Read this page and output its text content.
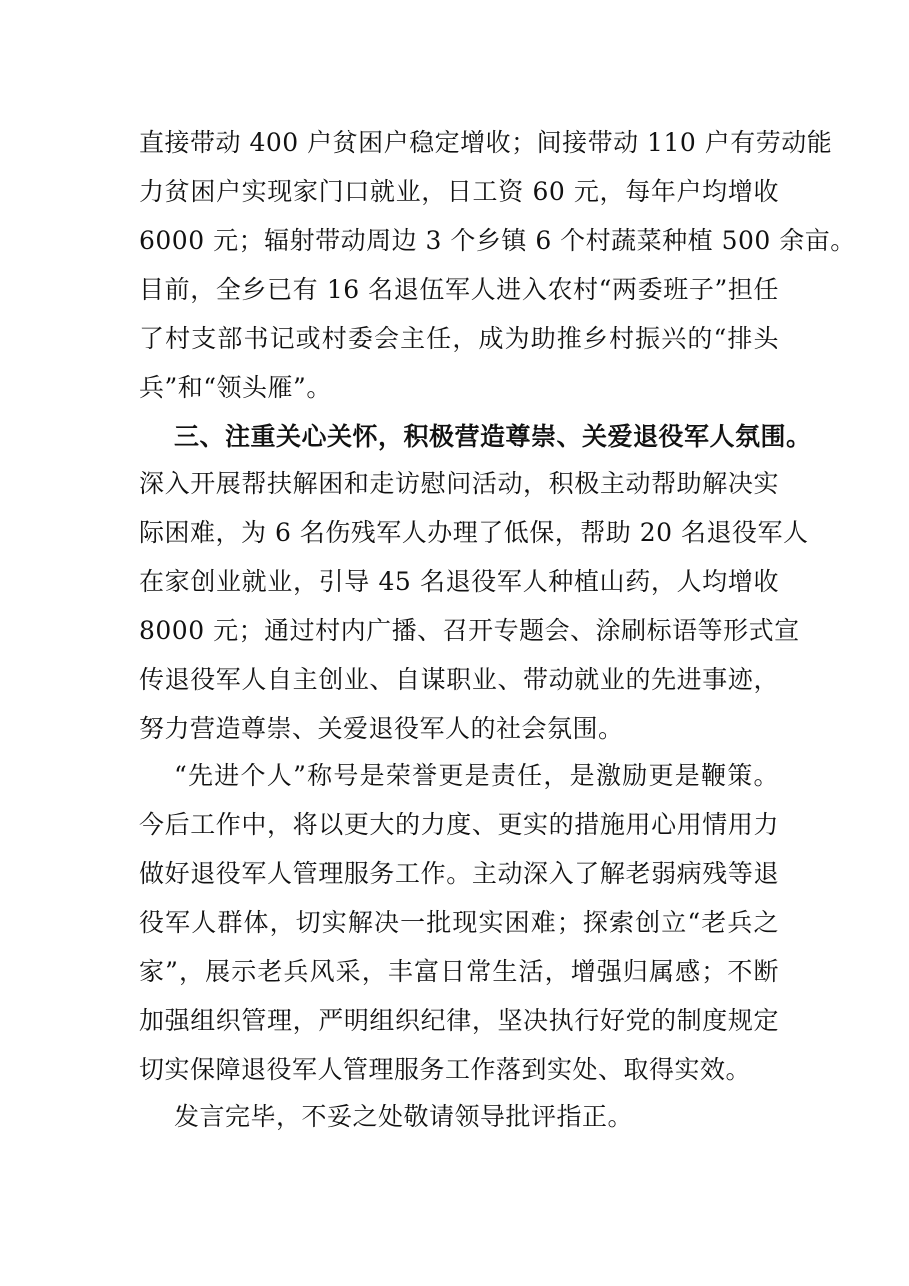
直接带动 400 户贫困户稳定增收；间接带动 110 户有劳动能
力贫困户实现家门口就业，日工资 60 元，每年户均增收
6000 元；辐射带动周边 3 个乡镇 6 个村蔬菜种植 500 余亩。
目前，全乡已有 16 名退伍军人进入农村“两委班子”担任
了村支部书记或村委会主任，成为助推乡村振兴的“排头
兵”和“领头雁”。
三、注重关心关怀，积极营造尊崇、关爱退役军人氛围。
深入开展帮扶解困和走访慰问活动，积极主动帮助解决实
际困难，为 6 名伤残军人办理了低保，帮助 20 名退役军人
在家创业就业，引导 45 名退役军人种植山药，人均增收
8000 元；通过村内广播、召开专题会、涂刷标语等形式宣
传退役军人自主创业、自谋职业、带动就业的先进事迹，
努力营造尊崇、关爱退役军人的社会氛围。
“先进个人”称号是荣誉更是责任，是激励更是鞭策。
今后工作中，将以更大的力度、更实的措施用心用情用力
做好退役军人管理服务工作。主动深入了解老弱病残等退
役军人群体，切实解决一批现实困难；探索创立“老兵之
家”，展示老兵风采，丰富日常生活，增强归属感；不断
加强组织管理，严明组织纪律，坚决执行好党的制度规定
切实保障退役军人管理服务工作落到实处、取得实效。
发言完毕，不妥之处敬请领导批评指正。
